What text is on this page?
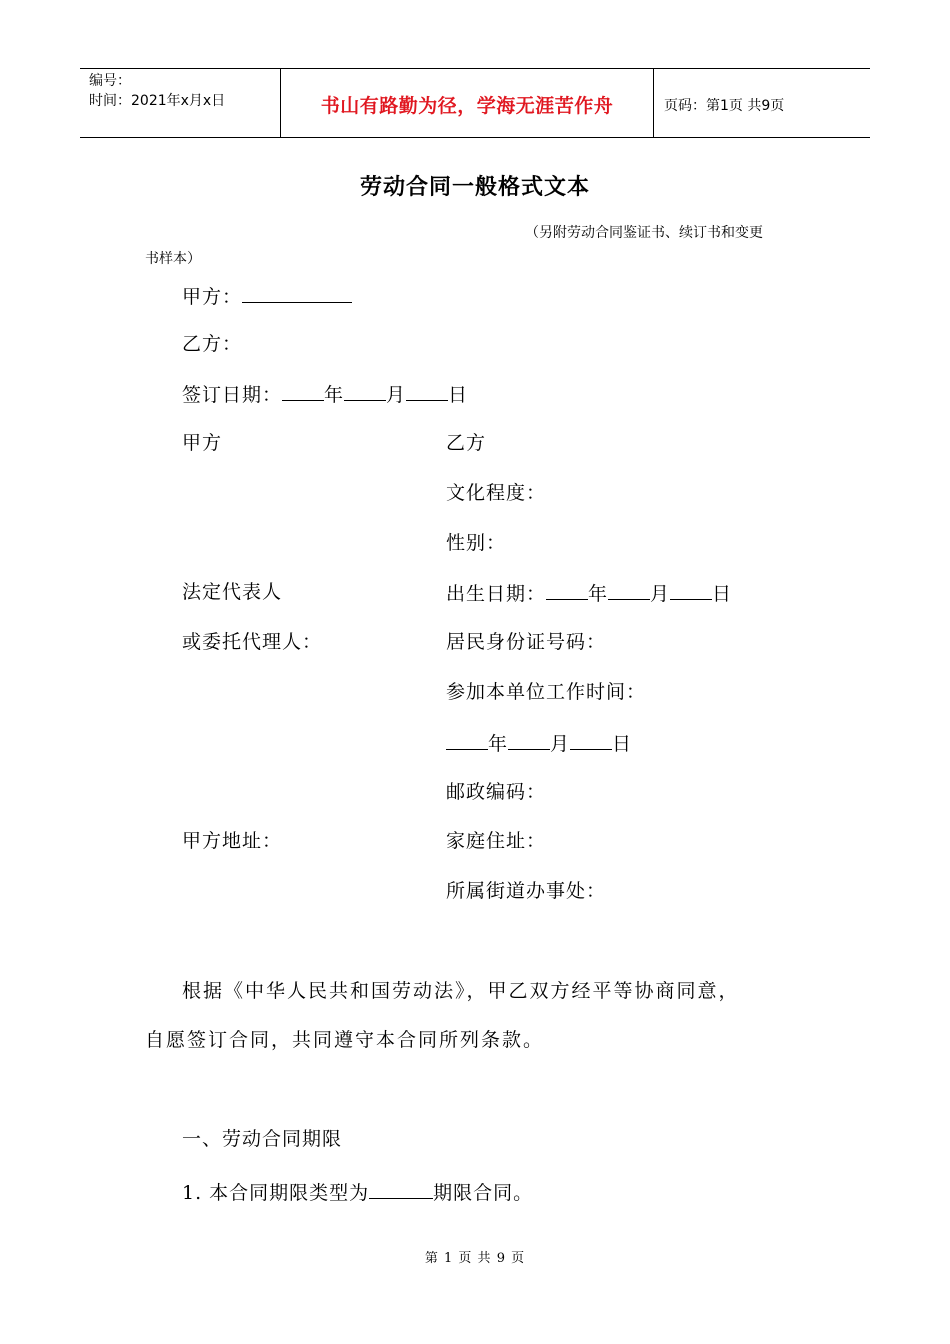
编号：
时间：2021年x月x日	书山有路勤为径，学海无涯苦作舟	页码：第1页 共9页
劳动合同一般格式文本
（另附劳动合同鉴证书、续订书和变更
书样本）
甲方：
乙方：
签订日期： 年 月 日
甲方	乙方
文化程度：
性别：
法定代表人	出生日期： 年 月 日
或委托代理人：	居民身份证号码：
参加本单位工作时间：
年 月 日
邮政编码：
甲方地址：	家庭住址：
所属街道办事处：
根据《中华人民共和国劳动法》，甲乙双方经平等协商同意，
自愿签订合同，共同遵守本合同所列条款。
一、劳动合同期限
1. 本合同期限类型为	期限合同。
第 1 页 共 9 页
